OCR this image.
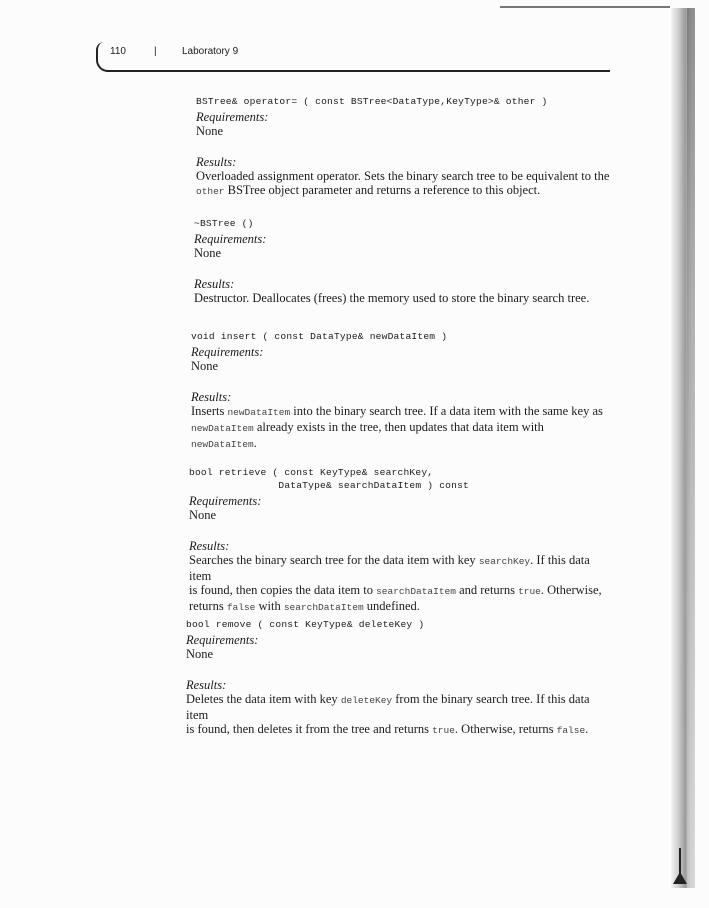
110	|	Laboratory 9
BSTree& operator= ( const BSTree<DataType,KeyType>& other )
Requirements:
None
Results:
Overloaded assignment operator. Sets the binary search tree to be equivalent to the
other BSTree object parameter and returns a reference to this object.
~BSTree ()
Requirements:
None
Results:
Destructor. Deallocates (frees) the memory used to store the binary search tree.
void insert ( const DataType& newDataItem )
Requirements:
None
Results:
Inserts newDataItem into the binary search tree. If a data item with the same key as
newDataItem already exists in the tree, then updates that data item with
newDataItem.
bool retrieve ( const KeyType& searchKey,
DataType& searchDataItem ) const
Requirements:
None
Results:
Searches the binary search tree for the data item with key searchKey. If this data item
is found, then copies the data item to searchDataItem and returns true. Otherwise,
returns false with searchDataItem undefined.
bool remove ( const KeyType& deleteKey )
Requirements:
None
Results:
Deletes the data item with key deleteKey from the binary search tree. If this data item
is found, then deletes it from the tree and returns true. Otherwise, returns false.
